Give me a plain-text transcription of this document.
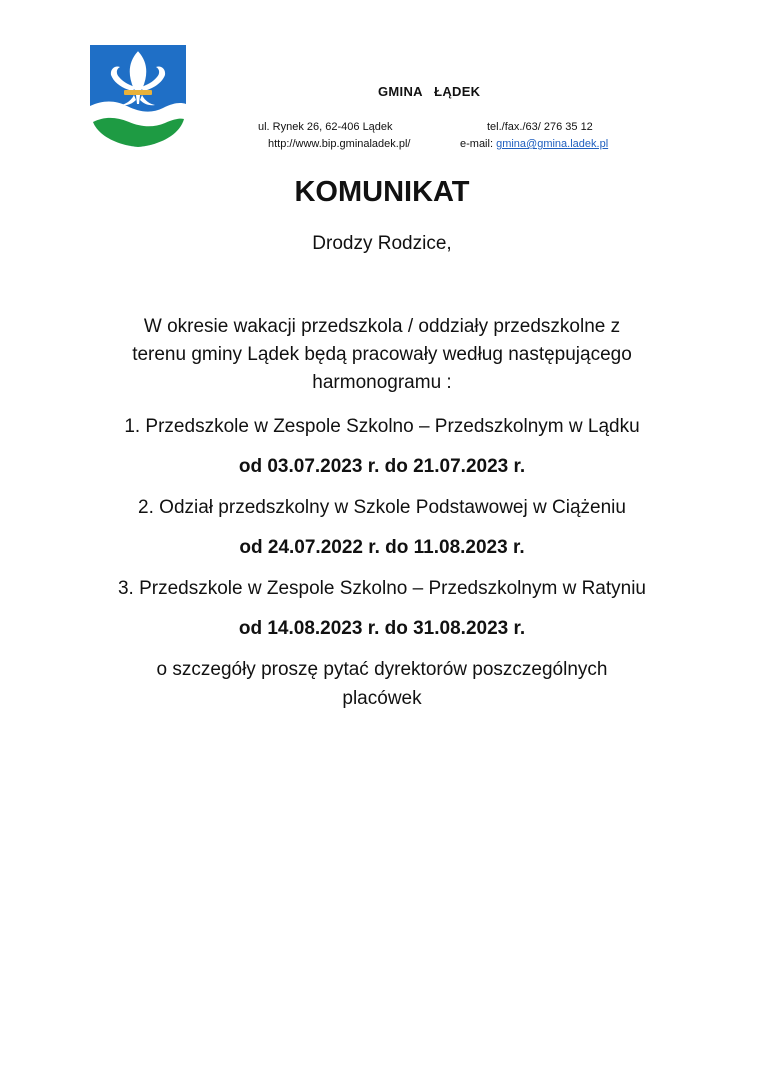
GMINA   ŁĄDEK
ul. Rynek 26, 62-406 Lądek	tel./fax./63/ 276 35 12
http://www.bip.gminaladek.pl/	e-mail: gmina@gmina.ladek.pl
KOMUNIKAT
Drodzy Rodzice,
W okresie wakacji przedszkola / oddziały przedszkolne z
terenu gminy Lądek będą pracowały według następującego
harmonogramu :
1. Przedszkole w Zespole Szkolno – Przedszkolnym w Lądku
od 03.07.2023 r. do 21.07.2023 r.
2. Odział przedszkolny w Szkole Podstawowej w Ciążeniu
od 24.07.2022 r. do 11.08.2023 r.
3. Przedszkole w Zespole Szkolno – Przedszkolnym w Ratyniu
od 14.08.2023 r. do 31.08.2023 r.
o szczegóły proszę pytać dyrektorów poszczególnych
placówek
